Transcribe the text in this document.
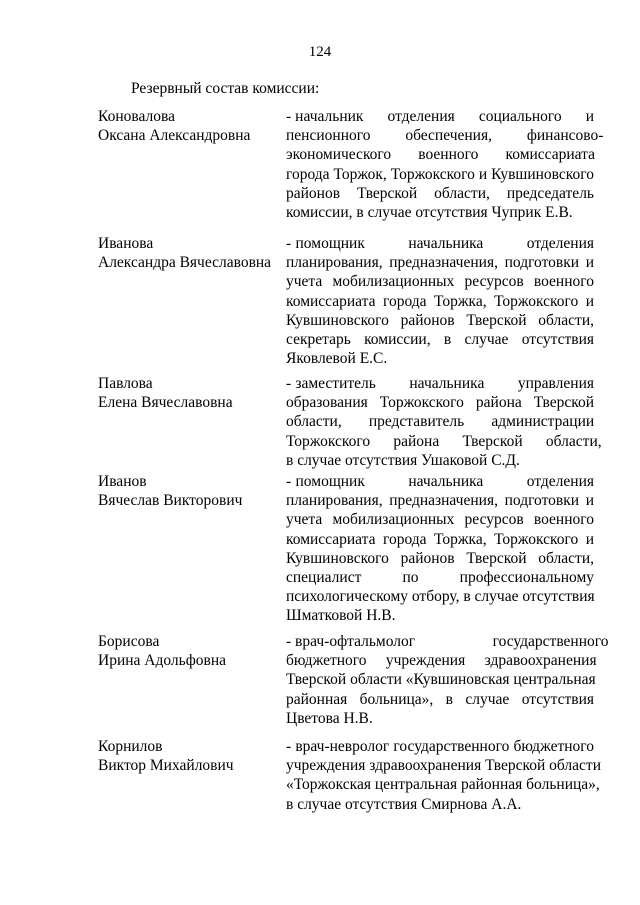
124
Резервный состав комиссии:
Коновалова
Оксана Александровна
- начальник      отделения      социального      и
пенсионного         обеспечения,         финансово-
экономического       военного       комиссариата
города Торжок, Торжокского и Кувшиновского
районов    Тверской    области,    председатель
комиссии, в случае отсутствия Чуприк Е.В.
Иванова
Александра Вячеславовна
- помощник          начальника          отделения
планирования, предназначения, подготовки и
учета мобилизационных ресурсов военного
комиссариата города Торжка, Торжокского и
Кувшиновского   районов   Тверской   области,
секретарь   комиссии,   в   случае   отсутствия
Яковлевой Е.С.
Павлова
Елена Вячеславовна
- заместитель        начальника        управления
образования Торжокского района Тверской
области,       представитель       администрации
Торжокского      района      Тверской      области,
в случае отсутствия Ушаковой С.Д.
Иванов
Вячеслав Викторович
- помощник          начальника          отделения
планирования, предназначения, подготовки и
учета мобилизационных ресурсов военного
комиссариата города Торжка, Торжокского и
Кувшиновского районов Тверской области,
специалист         по         профессиональному
психологическому отбору, в случае отсутствия
Шматковой Н.В.
Борисова
Ирина Адольфовна
- врач-офтальмолог                    государственного
бюджетного     учреждения     здравоохранения
Тверской области «Кувшиновская центральная
районная   больница»,   в   случае   отсутствия
Цветова Н.В.
Корнилов
Виктор Михайлович
- врач-невролог государственного бюджетного
учреждения здравоохранения Тверской области
«Торжокская центральная районная больница»,
в случае отсутствия Смирнова А.А.
